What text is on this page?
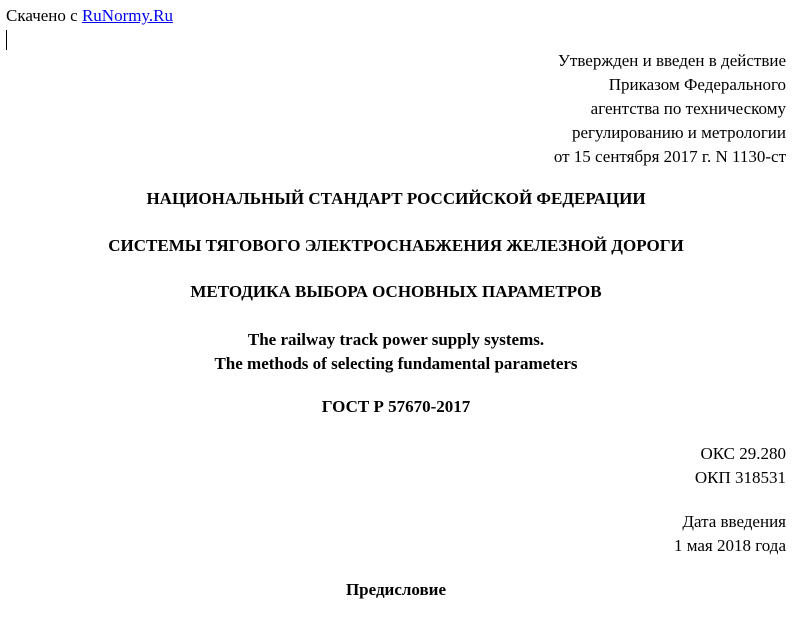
Скачено с RuNormy.Ru
Утвержден и введен в действие
Приказом Федерального
агентства по техническому
регулированию и метрологии
от 15 сентября 2017 г. N 1130-ст
НАЦИОНАЛЬНЫЙ СТАНДАРТ РОССИЙСКОЙ ФЕДЕРАЦИИ
СИСТЕМЫ ТЯГОВОГО ЭЛЕКТРОСНАБЖЕНИЯ ЖЕЛЕЗНОЙ ДОРОГИ
МЕТОДИКА ВЫБОРА ОСНОВНЫХ ПАРАМЕТРОВ
The railway track power supply systems.
The methods of selecting fundamental parameters
ГОСТ Р 57670-2017
ОКС 29.280
ОКП 318531
Дата введения
1 мая 2018 года
Предисловие
